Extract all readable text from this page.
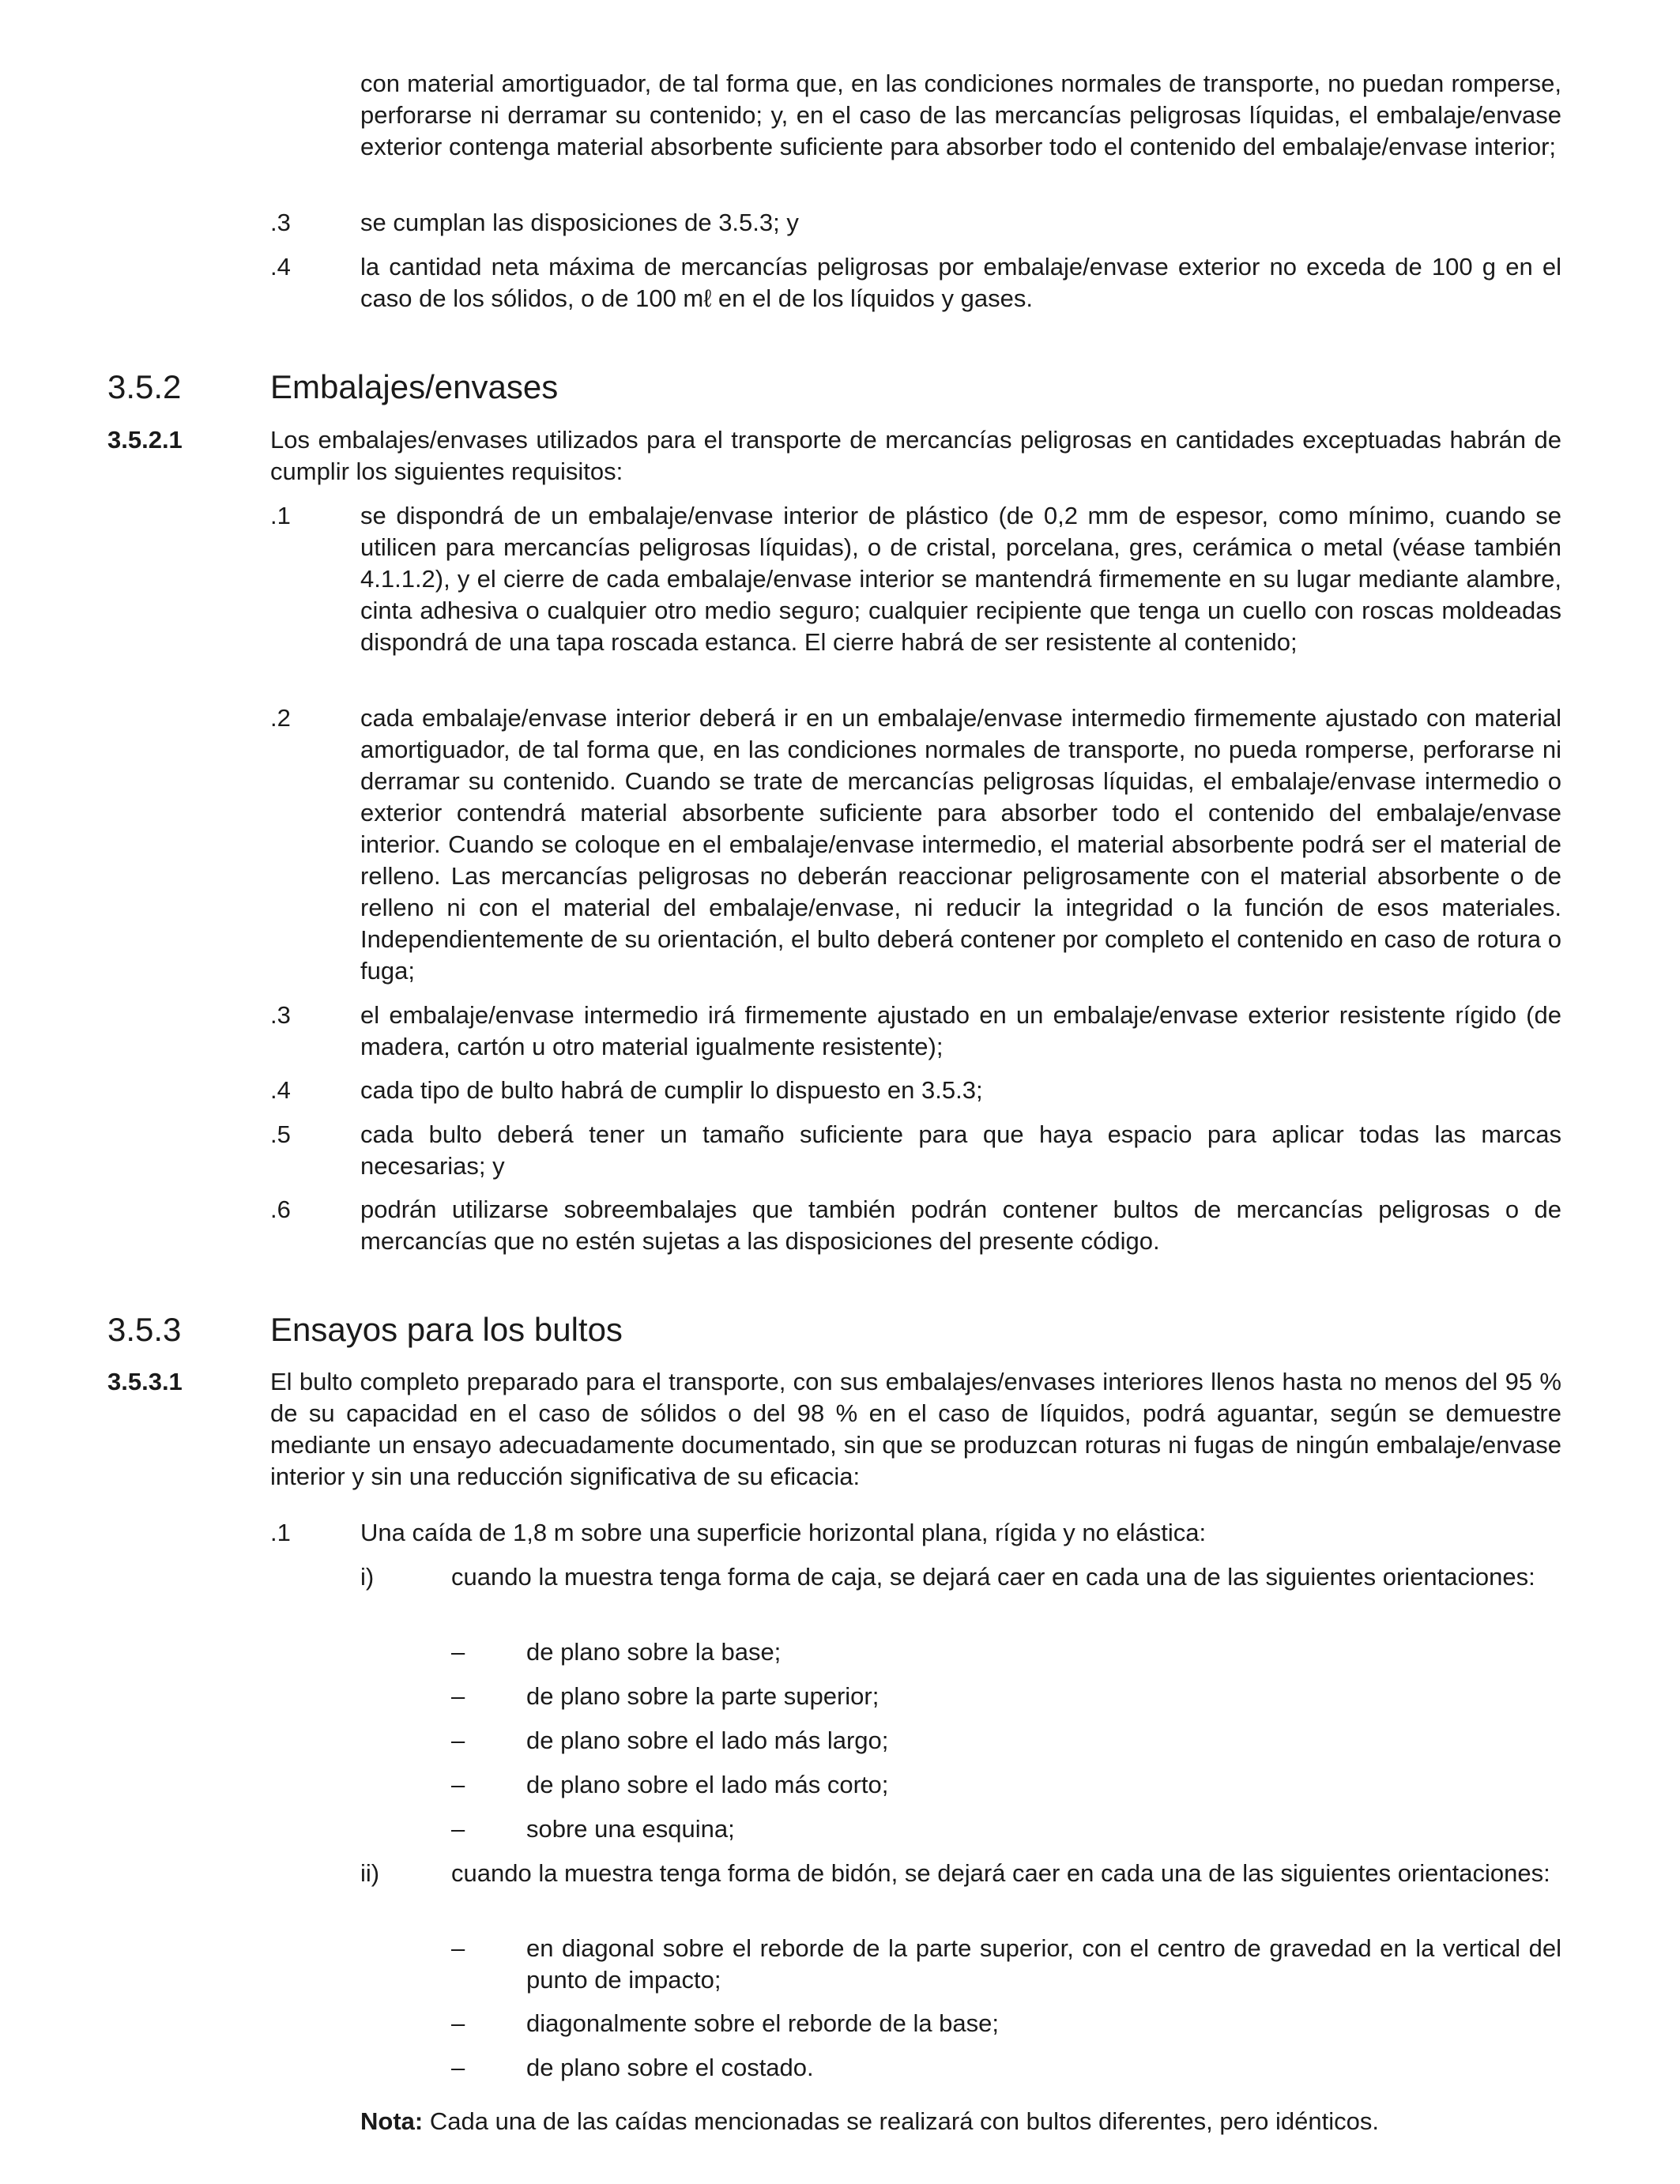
con material amortiguador, de tal forma que, en las condiciones normales de transporte, no puedan romperse, perforarse ni derramar su contenido; y, en el caso de las mercancías peligrosas líquidas, el embalaje/envase exterior contenga material absorbente suficiente para absorber todo el contenido del embalaje/envase interior;

.3	se cumplan las disposiciones de 3.5.3; y

.4	la cantidad neta máxima de mercancías peligrosas por embalaje/envase exterior no exceda de 100 g en el caso de los sólidos, o de 100 mℓ en el de los líquidos y gases.

3.5.2	Embalajes/envases
3.5.2.1	Los embalajes/envases utilizados para el transporte de mercancías peligrosas en cantidades exceptuadas habrán de cumplir los siguientes requisitos:

.1	se dispondrá de un embalaje/envase interior de plástico (de 0,2 mm de espesor, como mínimo, cuando se utilicen para mercancías peligrosas líquidas), o de cristal, porcelana, gres, cerámica o metal (véase también 4.1.1.2), y el cierre de cada embalaje/envase interior se mantendrá firmemente en su lugar mediante alambre, cinta adhesiva o cualquier otro medio seguro; cualquier recipiente que tenga un cuello con roscas moldeadas dispondrá de una tapa roscada estanca. El cierre habrá de ser resistente al contenido;

.2	cada embalaje/envase interior deberá ir en un embalaje/envase intermedio firmemente ajustado con material amortiguador, de tal forma que, en las condiciones normales de transporte, no pueda romperse, perforarse ni derramar su contenido. Cuando se trate de mercancías peligrosas líquidas, el embalaje/envase intermedio o exterior contendrá material absorbente suficiente para absorber todo el contenido del embalaje/envase interior. Cuando se coloque en el embalaje/envase intermedio, el material absorbente podrá ser el material de relleno. Las mercancías peligrosas no deberán reaccionar peligrosamente con el material absorbente o de relleno ni con el material del embalaje/envase, ni reducir la integridad o la función de esos materiales. Independientemente de su orientación, el bulto deberá contener por completo el contenido en caso de rotura o fuga;

.3	el embalaje/envase intermedio irá firmemente ajustado en un embalaje/envase exterior resistente rígido (de madera, cartón u otro material igualmente resistente);

.4	cada tipo de bulto habrá de cumplir lo dispuesto en 3.5.3;

.5	cada bulto deberá tener un tamaño suficiente para que haya espacio para aplicar todas las marcas necesarias; y

.6	podrán utilizarse sobreembalajes que también podrán contener bultos de mercancías peligrosas o de mercancías que no estén sujetas a las disposiciones del presente código.

3.5.3	Ensayos para los bultos
3.5.3.1	El bulto completo preparado para el transporte, con sus embalajes/envases interiores llenos hasta no menos del 95 % de su capacidad en el caso de sólidos o del 98 % en el caso de líquidos, podrá aguantar, según se demuestre mediante un ensayo adecuadamente documentado, sin que se produzcan roturas ni fugas de ningún embalaje/envase interior y sin una reducción significativa de su eficacia:

.1	Una caída de 1,8 m sobre una superficie horizontal plana, rígida y no elástica:

i)	cuando la muestra tenga forma de caja, se dejará caer en cada una de las siguientes orientaciones:

–	de plano sobre la base;

–	de plano sobre la parte superior;

–	de plano sobre el lado más largo;

–	de plano sobre el lado más corto;

–	sobre una esquina;

ii)	cuando la muestra tenga forma de bidón, se dejará caer en cada una de las siguientes orientaciones:

–	en diagonal sobre el reborde de la parte superior, con el centro de gravedad en la vertical del punto de impacto;

–	diagonalmente sobre el reborde de la base;

–	de plano sobre el costado.

Nota: Cada una de las caídas mencionadas se realizará con bultos diferentes, pero idénticos.
